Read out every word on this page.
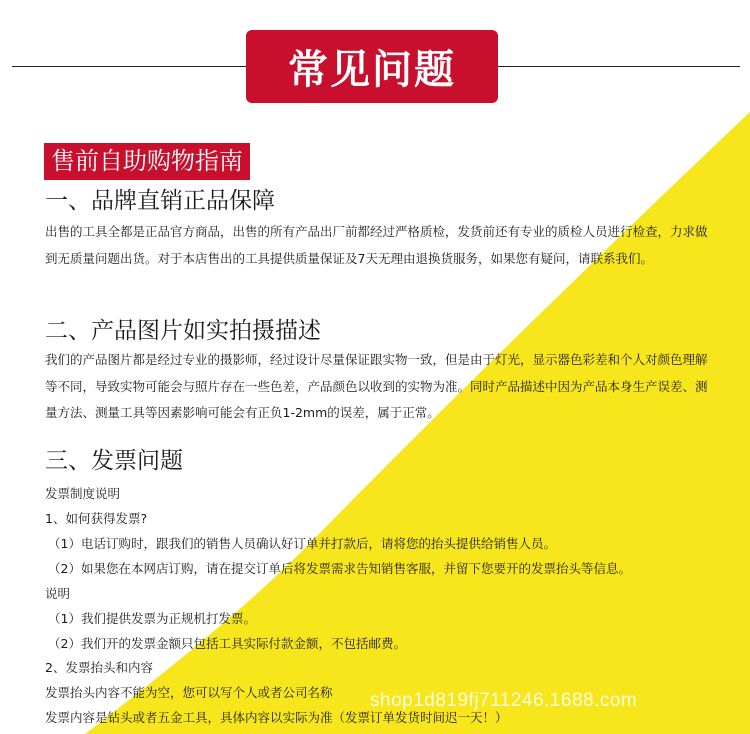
常见问题
售前自助购物指南
一、品牌直销正品保障
出售的工具全都是正品官方商品，出售的所有产品出厂前都经过严格质检，发货前还有专业的质检人员进行检查，力求做到无质量问题出货。对于本店售出的工具提供质量保证及7天无理由退换货服务，如果您有疑问，请联系我们。
二、产品图片如实拍摄描述
我们的产品图片都是经过专业的摄影师，经过设计尽量保证跟实物一致，但是由于灯光，显示器色彩差和个人对颜色理解等不同，导致实物可能会与照片存在一些色差，产品颜色以收到的实物为准。同时产品描述中因为产品本身生产误差、测量方法、测量工具等因素影响可能会有正负1-2mm的误差，属于正常。
三、发票问题
发票制度说明
1、如何获得发票?
（1）电话订购时，跟我们的销售人员确认好订单并打款后，请将您的抬头提供给销售人员。
（2）如果您在本网店订购，请在提交订单后将发票需求告知销售客服，并留下您要开的发票抬头等信息。
说明
（1）我们提供发票为正规机打发票。
（2）我们开的发票金额只包括工具实际付款金额，不包括邮费。
2、发票抬头和内容
发票抬头内容不能为空，您可以写个人或者公司名称
发票内容是钻头或者五金工具，具体内容以实际为准（发票订单发货时间迟一天！）
shop1d819fj711246.1688.com
